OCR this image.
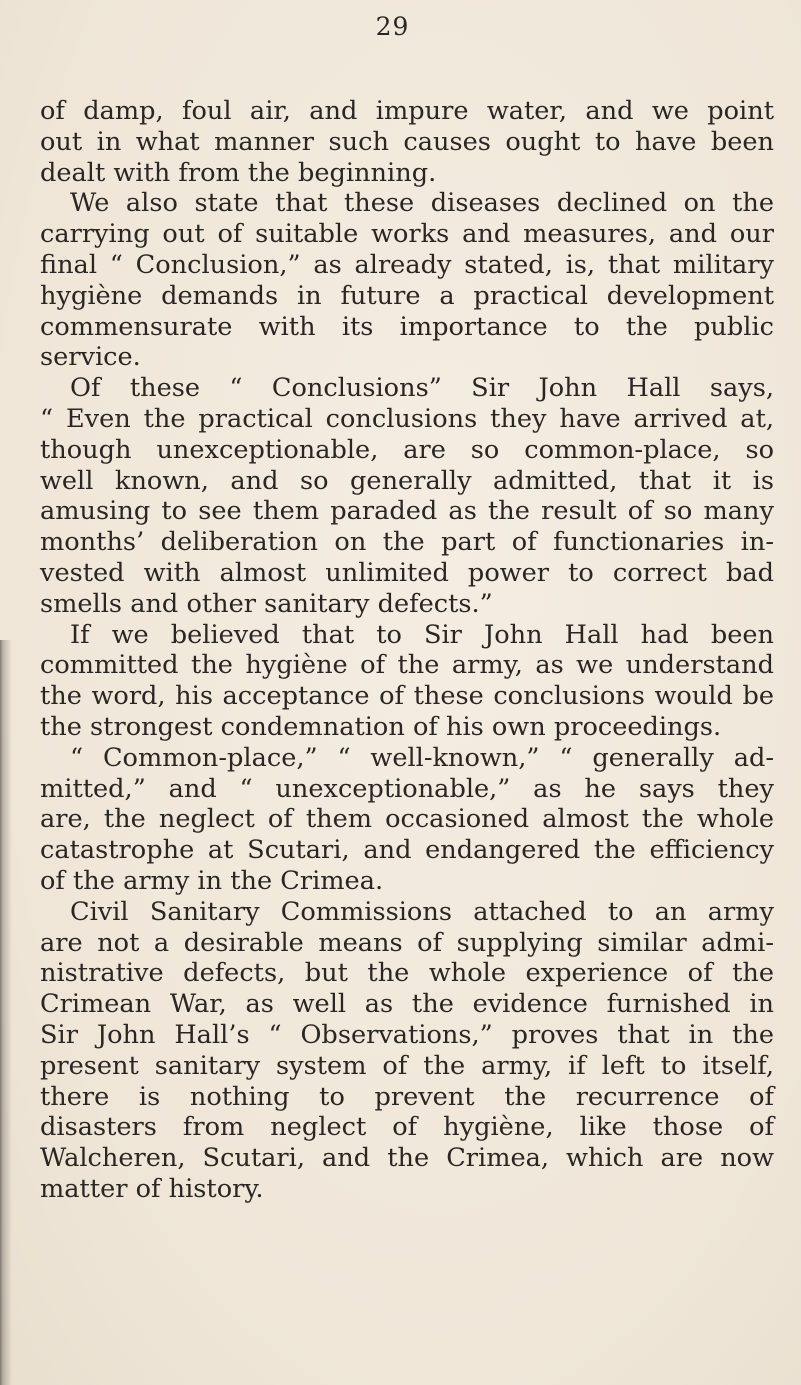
29
of damp, foul air, and impure water, and we point
out in what manner such causes ought to have been
dealt with from the beginning.
We also state that these diseases declined on the
carrying out of suitable works and measures, and our
final “ Conclusion,” as already stated, is, that military
hygiène demands in future a practical development
commensurate with its importance to the public
service.
Of these “ Conclusions” Sir John Hall says,
“ Even the practical conclusions they have arrived at,
though unexceptionable, are so common-place, so
well known, and so generally admitted, that it is
amusing to see them paraded as the result of so many
months’ deliberation on the part of functionaries in-
vested with almost unlimited power to correct bad
smells and other sanitary defects.”
If we believed that to Sir John Hall had been
committed the hygiène of the army, as we understand
the word, his acceptance of these conclusions would be
the strongest condemnation of his own proceedings.
“ Common-place,” “ well-known,” “ generally ad-
mitted,” and “ unexceptionable,” as he says they
are, the neglect of them occasioned almost the whole
catastrophe at Scutari, and endangered the efficiency
of the army in the Crimea.
Civil Sanitary Commissions attached to an army
are not a desirable means of supplying similar admi-
nistrative defects, but the whole experience of the
Crimean War, as well as the evidence furnished in
Sir John Hall’s “ Observations,” proves that in the
present sanitary system of the army, if left to itself,
there is nothing to prevent the recurrence of
disasters from neglect of hygiène, like those of
Walcheren, Scutari, and the Crimea, which are now
matter of history.
